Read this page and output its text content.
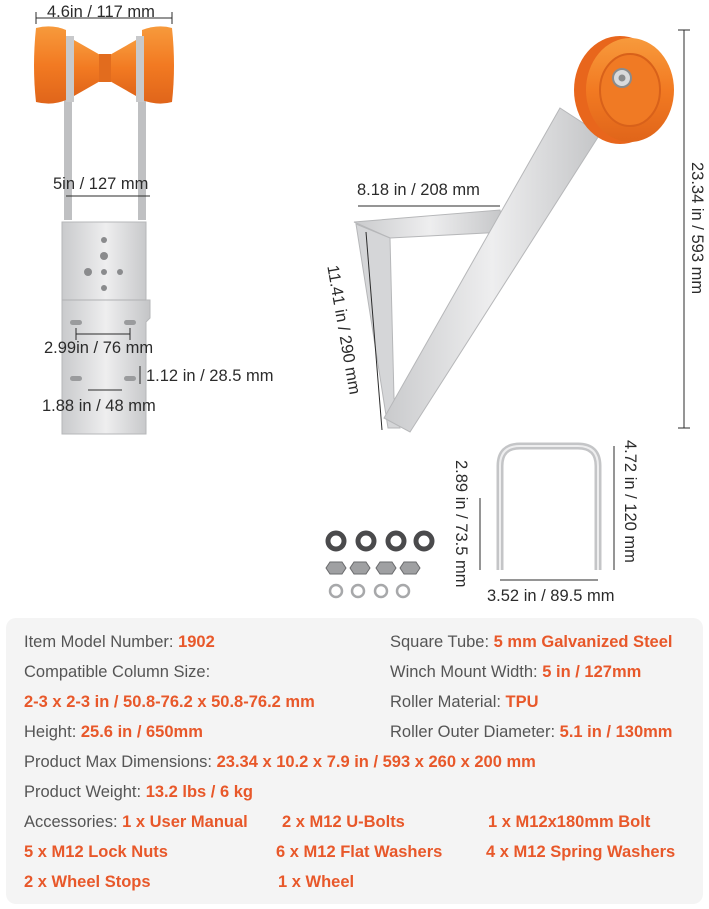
4.6in / 117 mm
5in / 127 mm
2.99in / 76 mm
1.12 in / 28.5 mm
1.88 in / 48 mm
8.18 in / 208 mm
11.41 in / 290 mm
23.34 in / 593 mm
4.72 in / 120 mm
2.89 in / 73.5 mm
3.52 in / 89.5 mm
Item Model Number: 1902
Compatible Column Size:
2-3 x 2-3 in / 50.8-76.2 x 50.8-76.2 mm
Height: 25.6 in / 650mm
Product Max Dimensions: 23.34 x 10.2 x 7.9 in / 593 x 260 x 200 mm
Product Weight: 13.2 lbs / 6 kg
Square Tube: 5 mm Galvanized Steel
Winch Mount Width: 5 in / 127mm
Roller Material: TPU
Roller Outer Diameter: 5.1 in / 130mm
Accessories: 1 x User Manual 2 x M12 U-Bolts	1 x M12x180mm Bolt
5 x M12 Lock Nuts	6 x M12 Flat Washers	4 x M12 Spring Washers
2 x Wheel Stops	1 x Wheel
